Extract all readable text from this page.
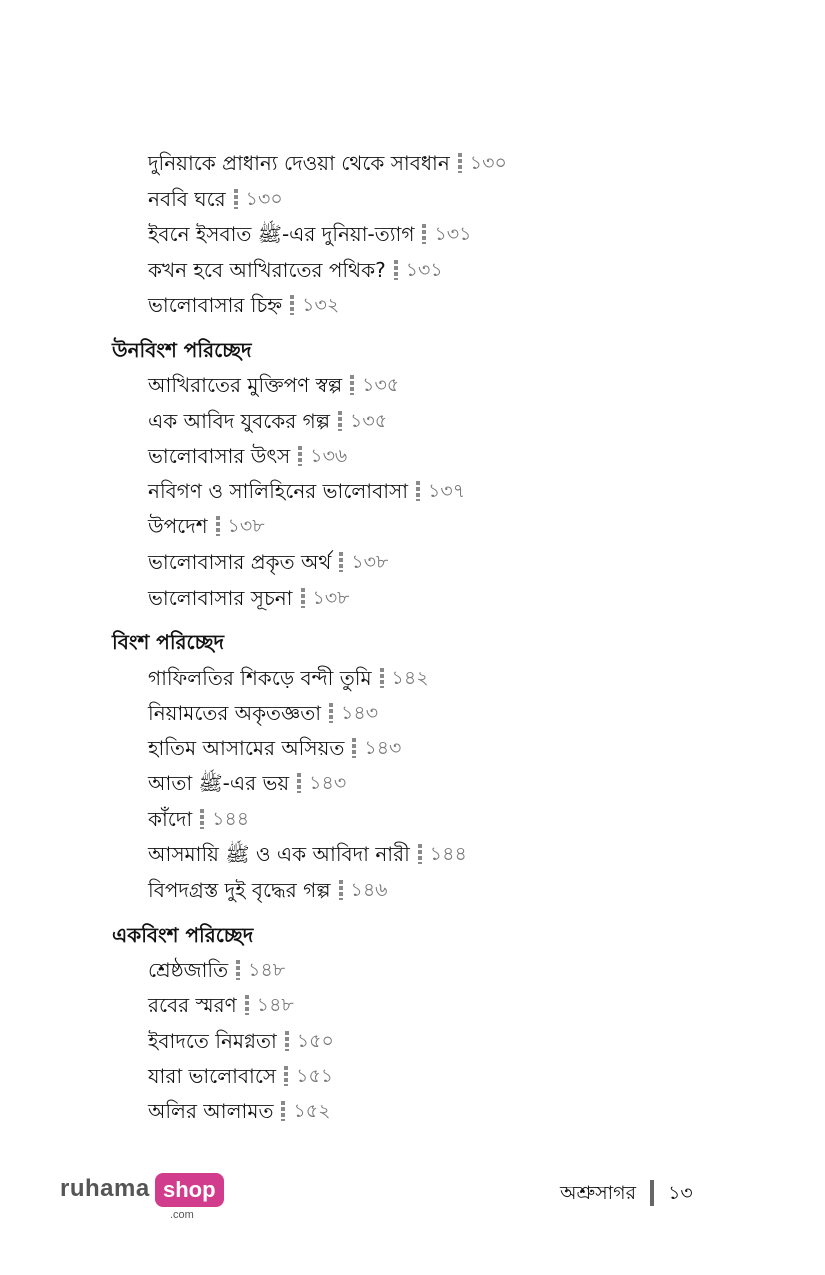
দুনিয়াকে প্রাধান্য দেওয়া থেকে সাবধান ১৩০
নববি ঘরে ১৩০
ইবনে ইসবাত ﷺ-এর দুনিয়া-ত্যাগ ১৩১
কখন হবে আখিরাতের পথিক? ১৩১
ভালোবাসার চিহ্ন ১৩২
উনবিংশ পরিচ্ছেদ
আখিরাতের মুক্তিপণ স্বল্প ১৩৫
এক আবিদ যুবকের গল্প ১৩৫
ভালোবাসার উৎস ১৩৬
নবিগণ ও সালিহিনের ভালোবাসা ১৩৭
উপদেশ ১৩৮
ভালোবাসার প্রকৃত অর্থ ১৩৮
ভালোবাসার সূচনা ১৩৮
বিংশ পরিচ্ছেদ
গাফিলতির শিকড়ে বন্দী তুমি ১৪২
নিয়ামতের অকৃতজ্ঞতা ১৪৩
হাতিম আসামের অসিয়ত ১৪৩
আতা ﷺ-এর ভয় ১৪৩
কাঁদো ১৪৪
আসমায়ি ﷺ ও এক আবিদা নারী ১৪৪
বিপদগ্রস্ত দুই বৃদ্ধের গল্প ১৪৬
একবিংশ পরিচ্ছেদ
শ্রেষ্ঠজাতি ১৪৮
রবের স্মরণ ১৪৮
ইবাদতে নিমগ্নতা ১৫০
যারা ভালোবাসে ১৫১
অলির আলামত ১৫২
ruhama shop
.com
অশ্রুসাগর ১৩
